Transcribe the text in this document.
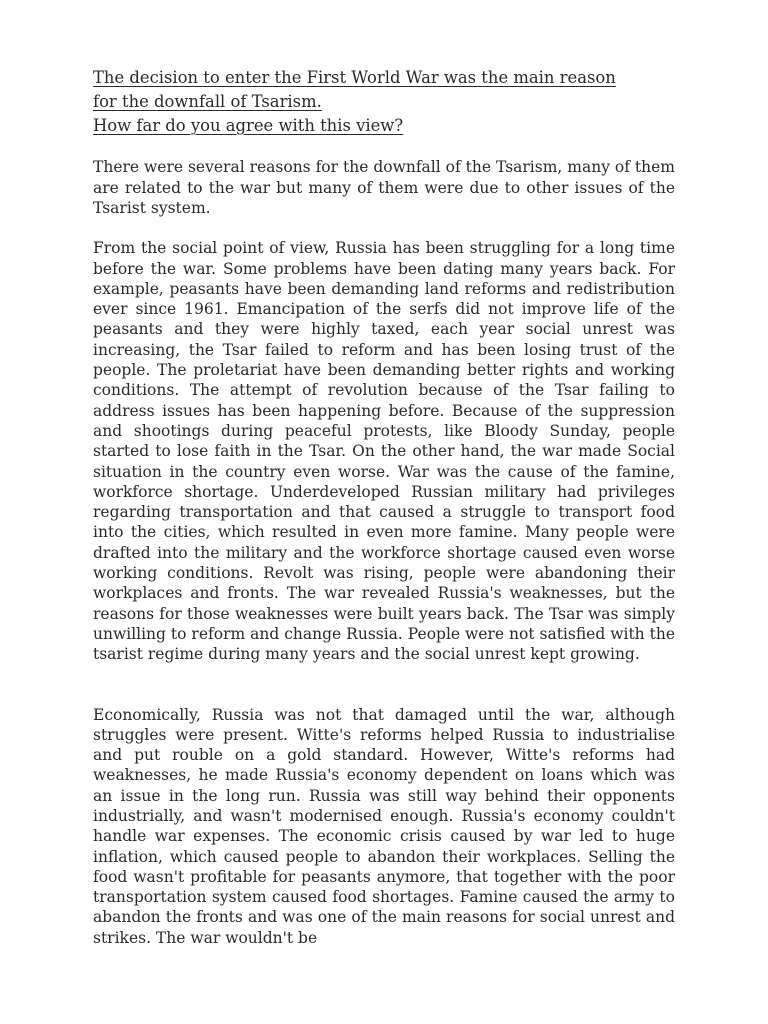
The decision to enter the First World War was the main reason
for the downfall of Tsarism.
How far do you agree with this view?

There were several reasons for the downfall of the Tsarism, many of them are related to the war but many of them were due to other issues of the Tsarist system.

From the social point of view, Russia has been struggling for a long time before the war. Some problems have been dating many years back. For example, peasants have been demanding land reforms and redistribution ever since 1961. Emancipation of the serfs did not improve life of the peasants and they were highly taxed, each year social unrest was increasing, the Tsar failed to reform and has been losing trust of the people. The proletariat have been demanding better rights and working conditions. The attempt of revolution because of the Tsar failing to address issues has been happening before. Because of the suppression and shootings during peaceful protests, like Bloody Sunday, people started to lose faith in the Tsar. On the other hand, the war made Social situation in the country even worse. War was the cause of the famine, workforce shortage. Underdeveloped Russian military had privileges regarding transportation and that caused a struggle to transport food into the cities, which resulted in even more famine. Many people were drafted into the military and the workforce shortage caused even worse working conditions. Revolt was rising, people were abandoning their workplaces and fronts. The war revealed Russia's weaknesses, but the reasons for those weaknesses were built years back. The Tsar was simply unwilling to reform and change Russia. People were not satisfied with the tsarist regime during many years and the social unrest kept growing.

Economically, Russia was not that damaged until the war, although struggles were present. Witte's reforms helped Russia to industrialise and put rouble on a gold standard. However, Witte's reforms had weaknesses, he made Russia's economy dependent on loans which was an issue in the long run. Russia was still way behind their opponents industrially, and wasn't modernised enough. Russia's economy couldn't handle war expenses. The economic crisis caused by war led to huge inflation, which caused people to abandon their workplaces. Selling the food wasn't profitable for peasants anymore, that together with the poor transportation system caused food shortages. Famine caused the army to abandon the fronts and was one of the main reasons for social unrest and strikes. The war wouldn't be
